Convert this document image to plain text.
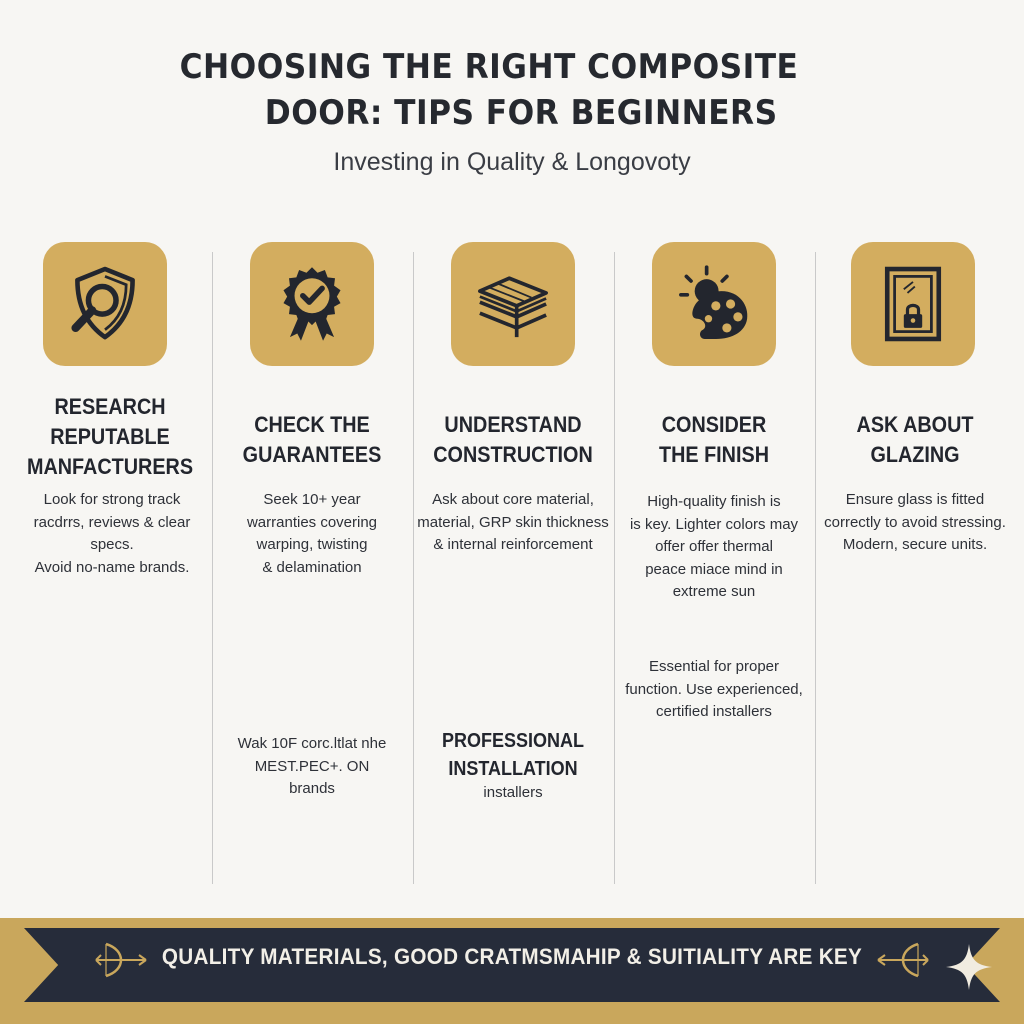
CHOOSING THE RIGHT COMPOSITE
DOOR: TIPS FOR BEGINNERS
Investing in Quality & Longovoty
RESEARCH
REPUTABLE
MANFACTURERS
Look for strong track
racdrrs, reviews & clear specs.
Avoid no-name brands.
CHECK THE
GUARANTEES
Seek 10+ year
warranties covering
warping, twisting
& delamination
Wak 10F corc.ltlat nhe
MEST.PEC+. ON
brands
UNDERSTAND
CONSTRUCTION
Ask about core material,
material, GRP skin thickness
& internal reinforcement
PROFESSIONAL
INSTALLATION
installers
CONSIDER
THE FINISH
High-quality finish is
is key. Lighter colors may
offer offer thermal
peace miace mind in
extreme sun
Essential for proper
function. Use experienced,
certified installers
ASK ABOUT
GLAZING
Ensure glass is fitted
correctly to avoid stressing.
Modern, secure units.
QUALITY MATERIALS, GOOD CRATMSMAHIP & SUITIALITY ARE KEY
